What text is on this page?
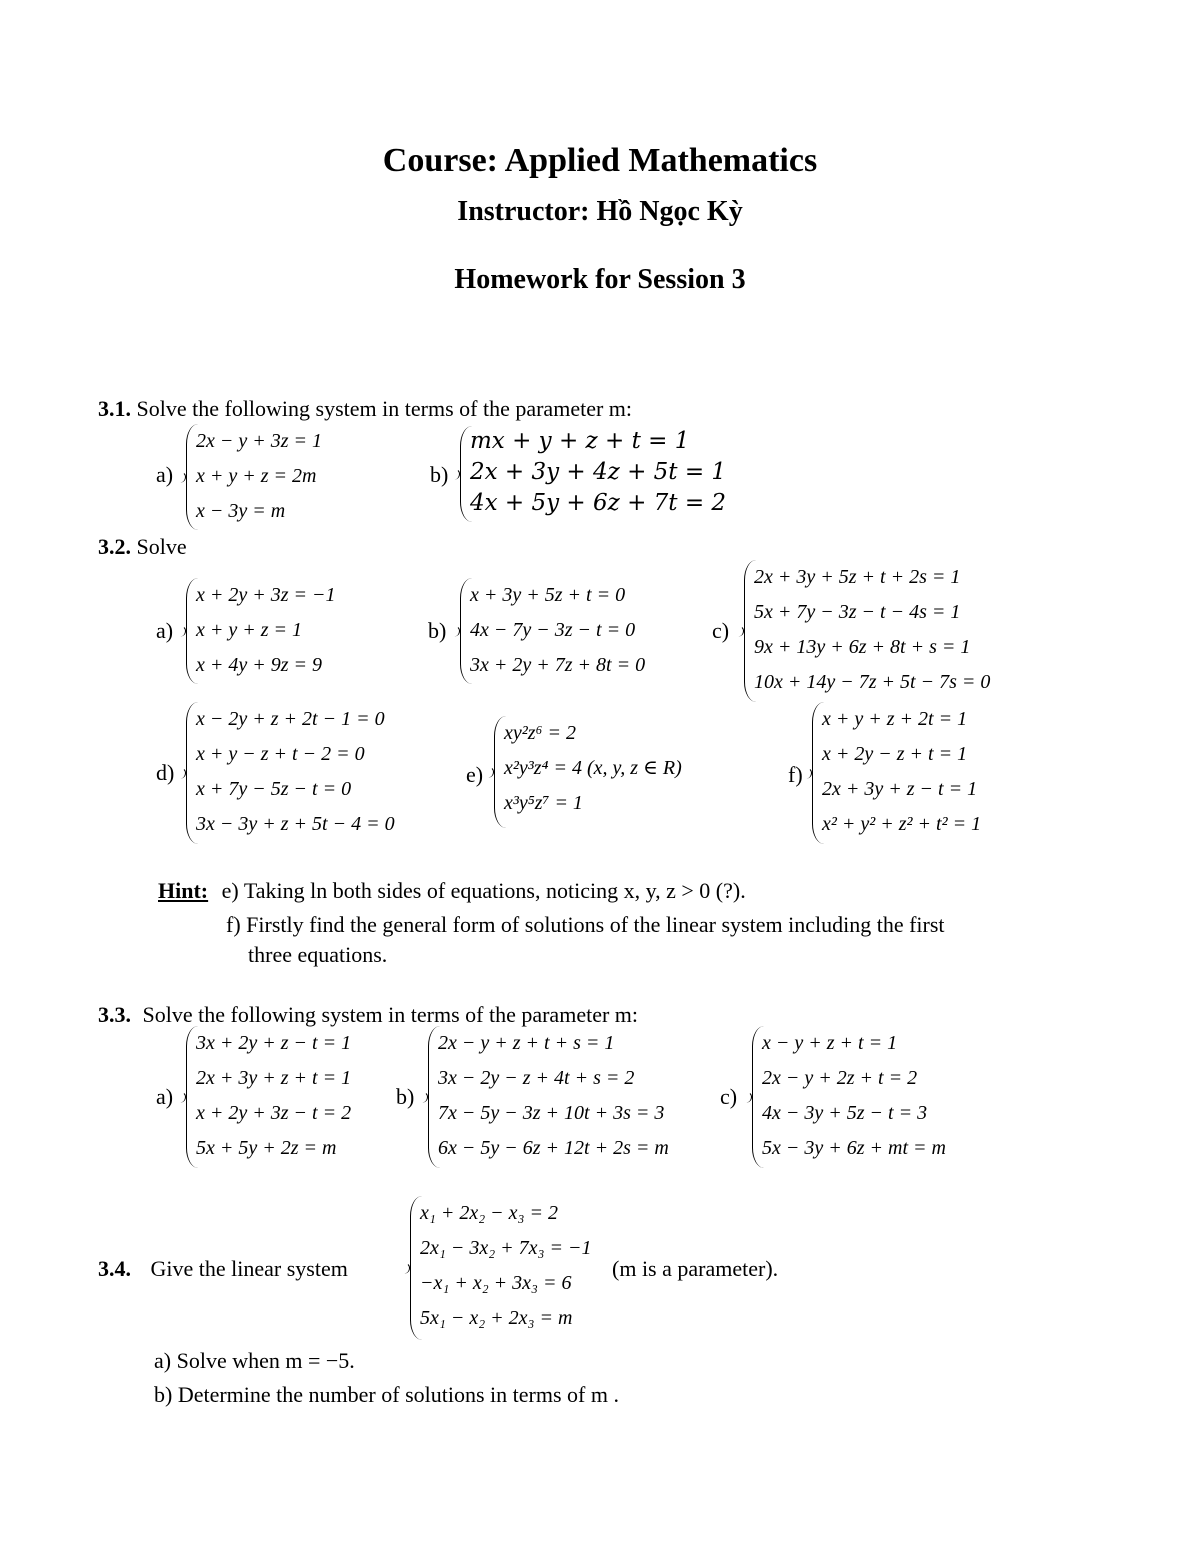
Course: Applied Mathematics
Instructor: Hồ Ngọc Kỳ
Homework for Session 3
3.1. Solve the following system in terms of the parameter m:
a)
2x − y + 3z = 1
x + y + z = 2m
x − 3y = m
b)
mx + y + z + t = 1
2x + 3y + 4z + 5t = 1
4x + 5y + 6z + 7t = 2
3.2. Solve
a)
x + 2y + 3z = −1
x + y + z = 1
x + 4y + 9z = 9
b)
x + 3y + 5z + t = 0
4x − 7y − 3z − t = 0
3x + 2y + 7z + 8t = 0
c)
2x + 3y + 5z + t + 2s = 1
5x + 7y − 3z − t − 4s = 1
9x + 13y + 6z + 8t + s = 1
10x + 14y − 7z + 5t − 7s = 0
d)
x − 2y + z + 2t − 1 = 0
x + y − z + t − 2 = 0
x + 7y − 5z − t = 0
3x − 3y + z + 5t − 4 = 0
e)
xy²z⁶ = 2
x²y³z⁴ = 4 (x, y, z ∈ R)
x³y⁵z⁷ = 1
f)
x + y + z + 2t = 1
x + 2y − z + t = 1
2x + 3y + z − t = 1
x² + y² + z² + t² = 1
Hint: e) Taking ln both sides of equations, noticing x, y, z > 0 (?).
f) Firstly find the general form of solutions of the linear system including the first
three equations.
3.3. Solve the following system in terms of the parameter m:
a)
3x + 2y + z − t = 1
2x + 3y + z + t = 1
x + 2y + 3z − t = 2
5x + 5y + 2z = m
b)
2x − y + z + t + s = 1
3x − 2y − z + 4t + s = 2
7x − 5y − 3z + 10t + 3s = 3
6x − 5y − 6z + 12t + 2s = m
c)
x − y + z + t = 1
2x − y + 2z + t = 2
4x − 3y + 5z − t = 3
5x − 3y + 6z + mt = m
3.4. Give the linear system
x₁ + 2x₂ − x₃ = 2
2x₁ − 3x₂ + 7x₃ = −1
−x₁ + x₂ + 3x₃ = 6
5x₁ − x₂ + 2x₃ = m
(m is a parameter).
a) Solve when m = −5.
b) Determine the number of solutions in terms of m .
